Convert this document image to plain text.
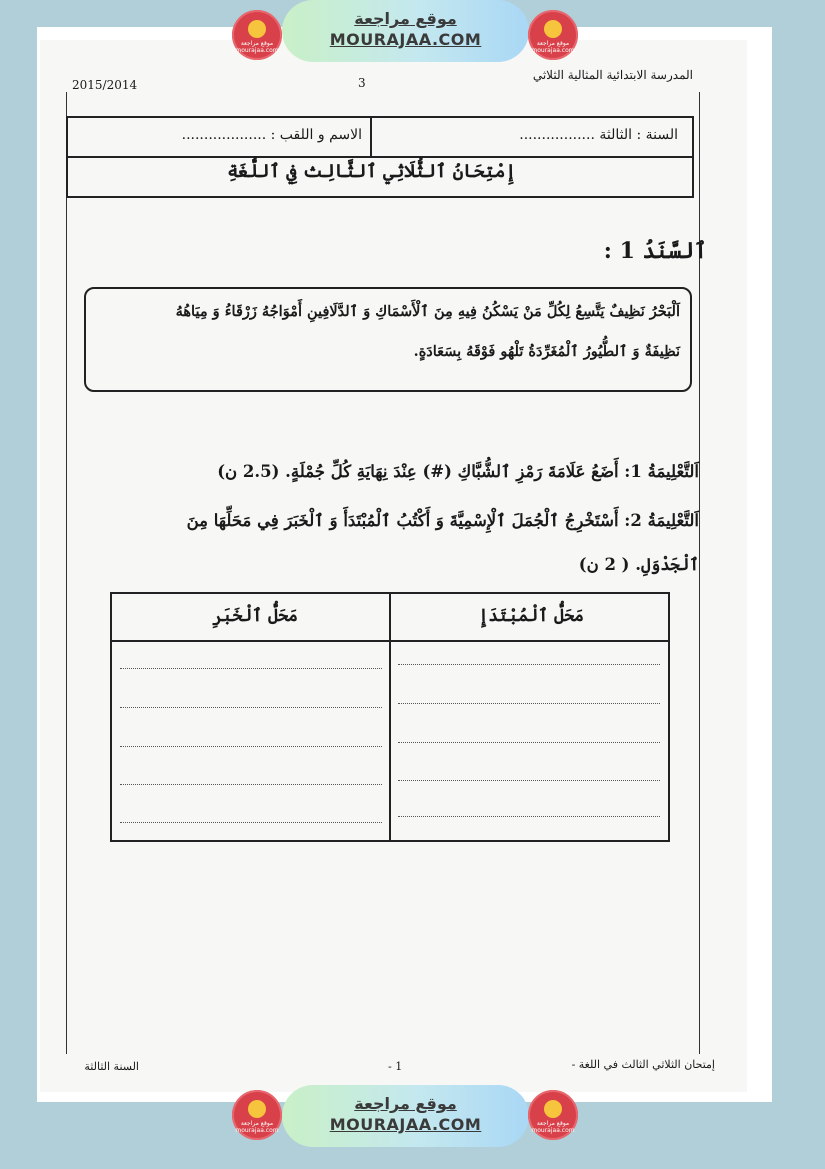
موقع مراجعة
mourajaa.com
موقع مراجعة
MOURAJAA.COM	موقع مراجعة
mourajaa.com
2015/2014	3
المدرسة الابتدائية المثالية الثلاثي
السنة : الثالثة .................
الاسم و اللقب : ...................
إِمْتِحَانُ ٱلثُّلَاثِي ٱلثَّالِث فِي ٱللُّغَةِ
ٱلسَّنَدُ 1 :
اَلْبَحْرُ نَظِيفٌ يَتَّسِعُ لِكُلِّ مَنْ يَسْكُنُ فِيهِ مِنَ ٱلْأَسْمَاكِ وَ ٱلدَّلَافِينِ أَمْوَاجُهُ زَرْقَاءُ وَ مِيَاهُهُ
نَظِيفَةٌ وَ ٱلطُّيُورُ ٱلْمُغَرِّدَةُ تَلْهُو فَوْقَهُ بِسَعَادَةٍ.
اَلتَّعْلِيمَةُ 1: أَضَعُ عَلَامَةَ رَمْزِ ٱلشُّبَّاكِ (#) عِنْدَ نِهَايَةِ كُلِّ جُمْلَةٍ. (2.5 ن)
اَلتَّعْلِيمَةُ 2: أَسْتَخْرِجُ ٱلْجُمَلَ ٱلْإِسْمِيَّةَ وَ أَكْتُبُ ٱلْمُبْتَدَأَ وَ ٱلْخَبَرَ فِي مَحَلِّهَا مِنَ
ٱلْجَدْوَلِ. ( 2 ن)
مَحَلُّ ٱلْمُبْتَدَإِ
مَحَلُّ ٱلْخَبَرِ
إمتحان الثلاثي الثالث في اللغة -
- 1
السنة الثالثة
موقع مراجعة
mourajaa.com
موقع مراجعة
MOURAJAA.COM	موقع مراجعة
mourajaa.com
